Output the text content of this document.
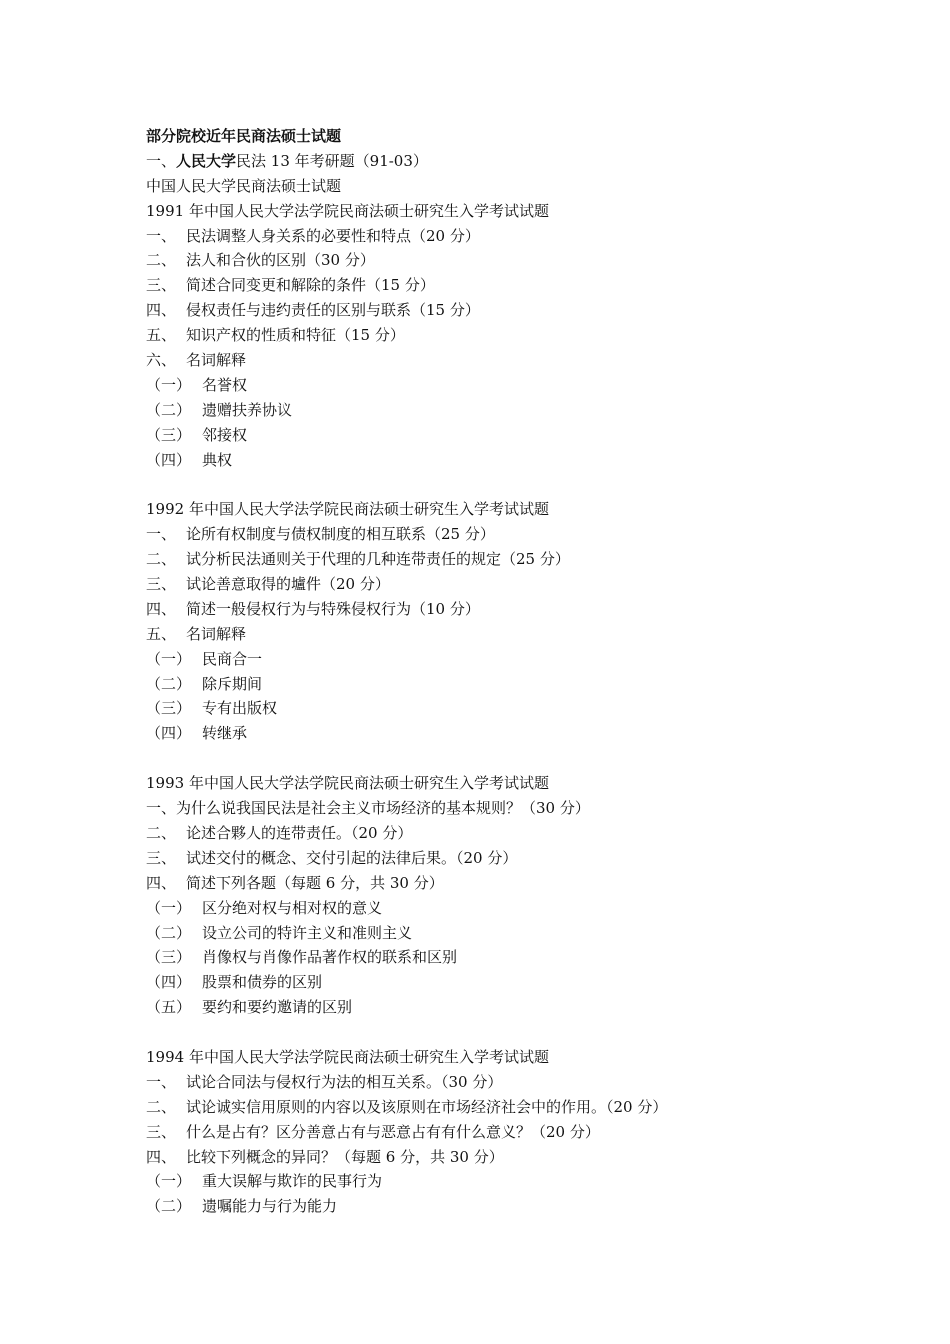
部分院校近年民商法硕士试题
一、人民大学民法 13 年考研题（91-03）
中国人民大学民商法硕士试题
1991 年中国人民大学法学院民商法硕士研究生入学考试试题
一、 民法调整人身关系的必要性和特点（20 分）
二、 法人和合伙的区别（30 分）
三、 简述合同变更和解除的条件（15 分）
四、 侵权责任与违约责任的区别与联系（15 分）
五、 知识产权的性质和特征（15 分）
六、 名词解释
（一） 名誉权
（二） 遗赠扶养协议
（三） 邻接权
（四） 典权
1992 年中国人民大学法学院民商法硕士研究生入学考试试题
一、 论所有权制度与债权制度的相互联系（25 分）
二、 试分析民法通则关于代理的几种连带责任的规定（25 分）
三、 试论善意取得的壚件（20 分）
四、 简述一般侵权行为与特殊侵权行为（10 分）
五、 名词解释
（一） 民商合一
（二） 除斥期间
（三） 专有出版权
（四） 转继承
1993 年中国人民大学法学院民商法硕士研究生入学考试试题
一、为什么说我国民法是社会主义市场经济的基本规则？（30 分）
二、 论述合夥人的连带责任。（20 分）
三、 试述交付的概念、交付引起的法律后果。（20 分）
四、 简述下列各题（每题 6 分，共 30 分）
（一） 区分绝对权与相对权的意义
（二） 设立公司的特许主义和准则主义
（三） 肖像权与肖像作品著作权的联系和区别
（四） 股票和债券的区别
（五） 要约和要约邀请的区别
1994 年中国人民大学法学院民商法硕士研究生入学考试试题
一、 试论合同法与侵权行为法的相互关系。（30 分）
二、 试论诚实信用原则的内容以及该原则在市场经济社会中的作用。（20 分）
三、 什么是占有？区分善意占有与恶意占有有什么意义？（20 分）
四、 比较下列概念的异同？（每题 6 分，共 30 分）
（一） 重大误解与欺诈的民事行为
（二） 遗嘱能力与行为能力
